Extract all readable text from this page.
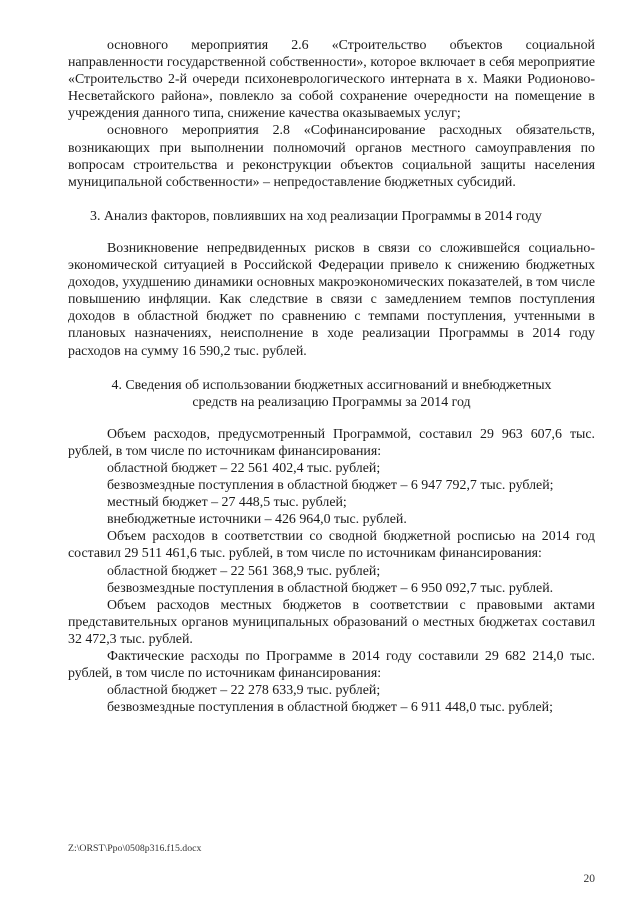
основного мероприятия 2.6 «Строительство объектов социальной направленности государственной собственности», которое включает в себя мероприятие «Строительство 2-й очереди психоневрологического интерната в х. Маяки Родионово-Несветайского района», повлекло за собой сохранение очередности на помещение в учреждения данного типа, снижение качества оказываемых услуг;

основного мероприятия 2.8 «Софинансирование расходных обязательств, возникающих при выполнении полномочий органов местного самоуправления по вопросам строительства и реконструкции объектов социальной защиты населения муниципальной собственности» – непредоставление бюджетных субсидий.

3. Анализ факторов, повлиявших на ход реализации Программы в 2014 году

Возникновение непредвиденных рисков в связи со сложившейся социально-экономической ситуацией в Российской Федерации привело к снижению бюджетных доходов, ухудшению динамики основных макроэкономических показателей, в том числе повышению инфляции. Как следствие в связи с замедлением темпов поступления доходов в областной бюджет по сравнению с темпами поступления, учтенными в плановых назначениях, неисполнение в ходе реализации Программы в 2014 году расходов на сумму 16 590,2 тыс. рублей.

4. Сведения об использовании бюджетных ассигнований и внебюджетных
средств на реализацию Программы за 2014 год

Объем расходов, предусмотренный Программой, составил 29 963 607,6 тыс. рублей, в том числе по источникам финансирования:

областной бюджет – 22 561 402,4 тыс. рублей;

безвозмездные поступления в областной бюджет – 6 947 792,7 тыс. рублей;

местный бюджет – 27 448,5 тыс. рублей;

внебюджетные источники – 426 964,0 тыс. рублей.

Объем расходов в соответствии со сводной бюджетной росписью на 2014 год составил 29 511 461,6 тыс. рублей, в том числе по источникам финансирования:

областной бюджет – 22 561 368,9 тыс. рублей;

безвозмездные поступления в областной бюджет – 6 950 092,7 тыс. рублей.

Объем расходов местных бюджетов в соответствии с правовыми актами представительных органов муниципальных образований о местных бюджетах составил 32 472,3 тыс. рублей.

Фактические расходы по Программе в 2014 году составили 29 682 214,0 тыс. рублей, в том числе по источникам финансирования:

областной бюджет – 22 278 633,9 тыс. рублей;

безвозмездные поступления в областной бюджет – 6 911 448,0 тыс. рублей;

Z:\ORST\Ppo\0508p316.f15.docx
20
